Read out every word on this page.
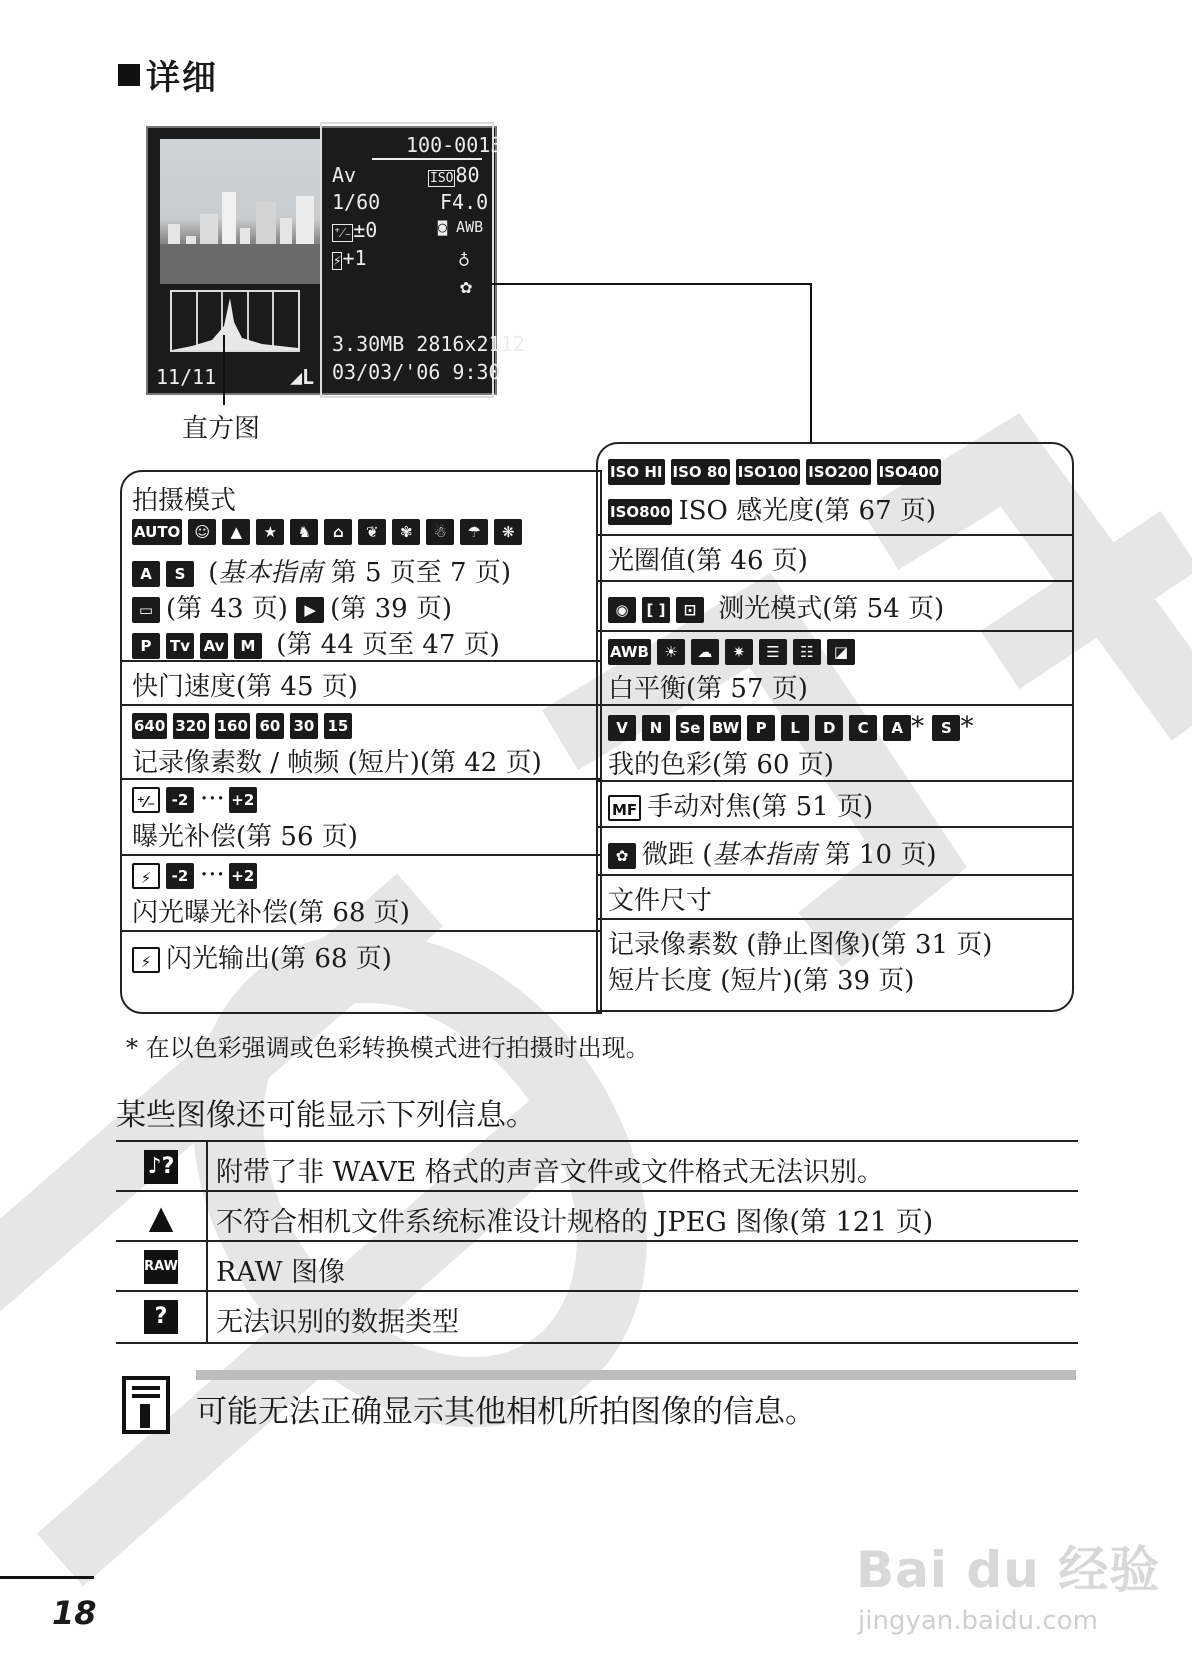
详细
11/11	◢L
100-0013
Av	ISO 80
1/60	F4.0
⁺⁄₋±0	◙ AWB
⚡+1	♁
✿
3.30MB 2816x2112
03/03/'06 9:30
直方图
拍摄模式
AUTO ☺ ▲ ★ ♞ ⌂ ❦ ✾ ☃ ☂ ❋
A S (基本指南 第 5 页至 7 页)
▭ (第 43 页) ▶ (第 39 页)
P Tv Av M (第 44 页至 47 页)
快门速度(第 45 页)
640 320 160 60 30 15
记录像素数 / 帧频 (短片)(第 42 页)
⁺⁄₋ -2 ··· +2
曝光补偿(第 56 页)
⚡ -2 ··· +2
闪光曝光补偿(第 68 页)
⚡ 闪光输出(第 68 页)
ISO HI ISO 80 ISO100 ISO200 ISO400
ISO800 ISO 感光度(第 67 页)
光圈值(第 46 页)
◉ [ ] ⊡ 测光模式(第 54 页)
AWB ☀ ☁ ✷ ☰ ☷ ◪
白平衡(第 57 页)
V N Se BW P L D C A * S *
我的色彩(第 60 页)
MF 手动对焦(第 51 页)
✿ 微距 (基本指南 第 10 页)
文件尺寸
记录像素数 (静止图像)(第 31 页)
短片长度 (短片)(第 39 页)
* 在以色彩强调或色彩转换模式进行拍摄时出现。
某些图像还可能显示下列信息。
♪? 附带了非 WAVE 格式的声音文件或文件格式无法识别。
▲ 不符合相机文件系统标准设计规格的 JPEG 图像(第 121 页)
RAW RAW 图像
?	无法识别的数据类型
可能无法正确显示其他相机所拍图像的信息。
18
Bai du 经验
jingyan.baidu.com
